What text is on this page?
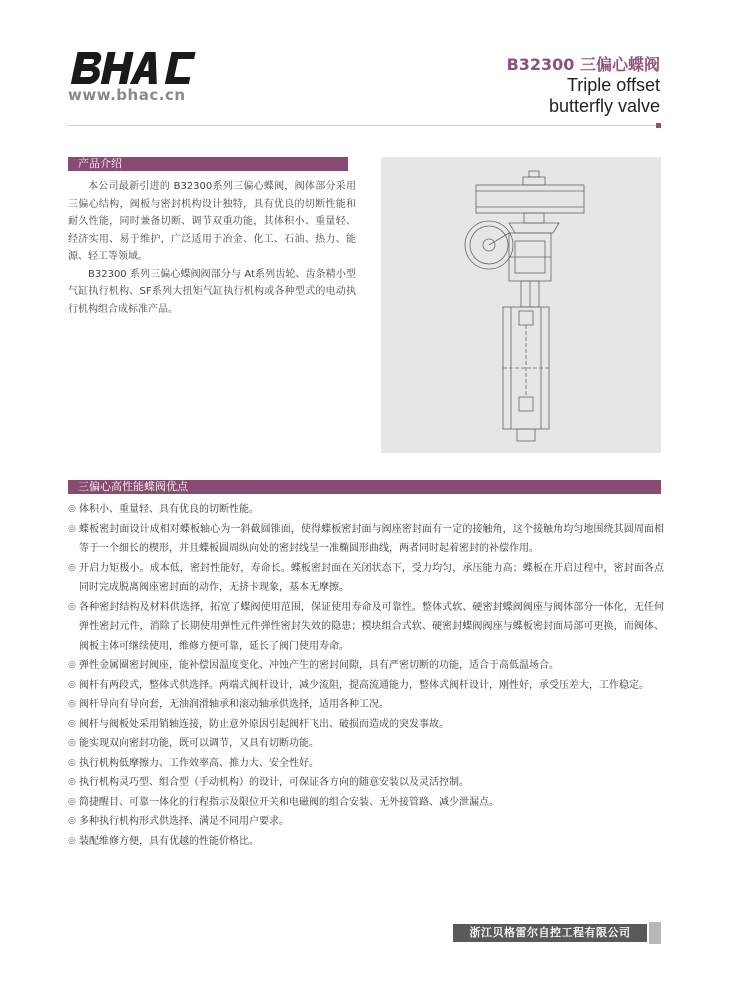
www.bhac.cn
B32300 三偏心蝶阀
Triple offset
butterfly valve
产品介绍

本公司最新引进的 B32300系列三偏心蝶阀，阀体部分采用三偏心结构，阀板与密封机构设计独特，具有优良的切断性能和耐久性能，同时兼备切断、调节双重功能，其体积小、重量轻、经济实用、易于维护，广泛适用于冶金、化工、石油、热力、能源、轻工等领域。

B32300 系列三偏心蝶阀阀部分与 At系列齿轮、齿条精小型气缸执行机构、SF系列大扭矩气缸执行机构或各种型式的电动执行机构组合成标准产品。

三偏心高性能蝶阀优点
◎ 体积小、重量轻、具有优良的切断性能。
◎ 蝶板密封面设计成相对蝶板轴心为一斜截圆锥面，使得蝶板密封面与阀座密封面有一定的接触角，这个接触角均匀地围绕其圆周面相等于一个细长的楔形，并且蝶板圆周纵向处的密封线呈一准椭圆形曲线，两者同时起着密封的补偿作用。
◎ 开启力矩极小。成本低，密封性能好，寿命长。蝶板密封面在关闭状态下，受力均匀，承压能力高；蝶板在开启过程中，密封面各点同时完成脱离阀座密封面的动作，无挤卡现象，基本无摩擦。
◎ 各种密封结构及材料供选择，拓宽了蝶阀使用范围，保证使用寿命及可靠性。整体式软、硬密封蝶阀阀座与阀体部分一体化，无任何弹性密封元件，消除了长期使用弹性元件弹性密封失效的隐患；模块组合式软、硬密封蝶阀阀座与蝶板密封面局部可更换，而阀体、阀板主体可继续使用，维修方便可靠，延长了阀门使用寿命。
◎ 弹性金属圈密封阀座，能补偿因温度变化、冲蚀产生的密封间隙，具有严密切断的功能，适合于高低温场合。
◎ 阀杆有两段式，整体式供选择。两端式阀杆设计，减少流阻，提高流通能力，整体式阀杆设计，刚性好，承受压差大，工作稳定。
◎ 阀杆导向有导向套，无油润滑轴承和滚动轴承供选择，适用各种工况。
◎ 阀杆与阀板处采用销轴连接，防止意外原因引起阀杆飞出、破损而造成的突发事故。
◎ 能实现双向密封功能，既可以调节，又具有切断功能。
◎ 执行机构低摩擦力、工作效率高、推力大、安全性好。
◎ 执行机构灵巧型、组合型（手动机构）的设计，可保证各方向的随意安装以及灵活控制。
◎ 简捷醒目、可靠一体化的行程指示及限位开关和电磁阀的组合安装、无外接管路、减少泄漏点。
◎ 多种执行机构形式供选择、满足不同用户要求。
◎ 装配维修方便，具有优越的性能价格比。
浙江贝格雷尔自控工程有限公司
